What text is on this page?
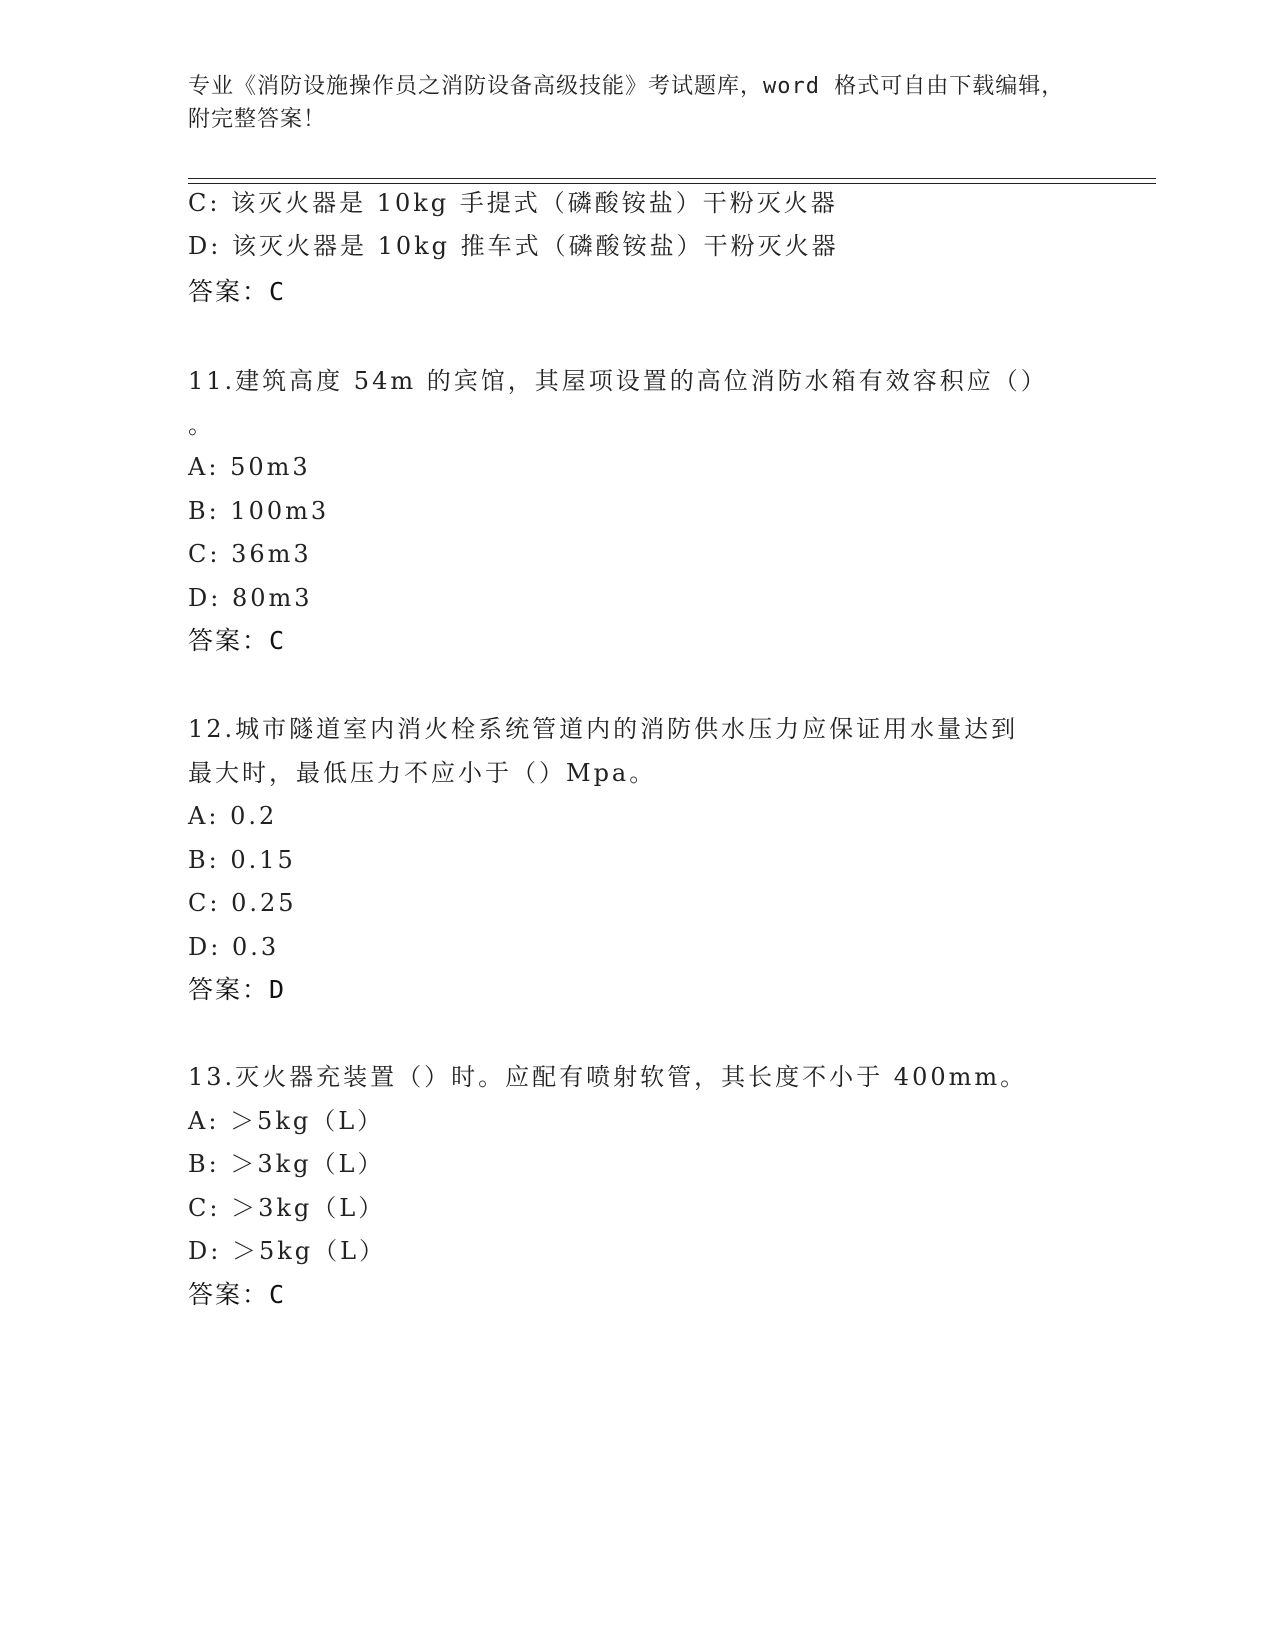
专业《消防设施操作员之消防设备高级技能》考试题库，word 格式可自由下载编辑，附完整答案！
C: 该灭火器是 10kg 手提式（磷酸铵盐）干粉灭火器
D: 该灭火器是 10kg 推车式（磷酸铵盐）干粉灭火器
答案：C
11.建筑高度 54m 的宾馆，其屋项设置的高位消防水箱有效容积应（）
。
A: 50m3
B: 100m3
C: 36m3
D: 80m3
答案：C
12.城市隧道室内消火栓系统管道内的消防供水压力应保证用水量达到
最大时，最低压力不应小于（）Mpa。
A: 0.2
B: 0.15
C: 0.25
D: 0.3
答案：D
13.灭火器充装置（）时。应配有喷射软管，其长度不小于 400mm。
A: ＞5kg（L）
B: ＞3kg（L）
C: ＞3kg（L）
D: ＞5kg（L）
答案：C
